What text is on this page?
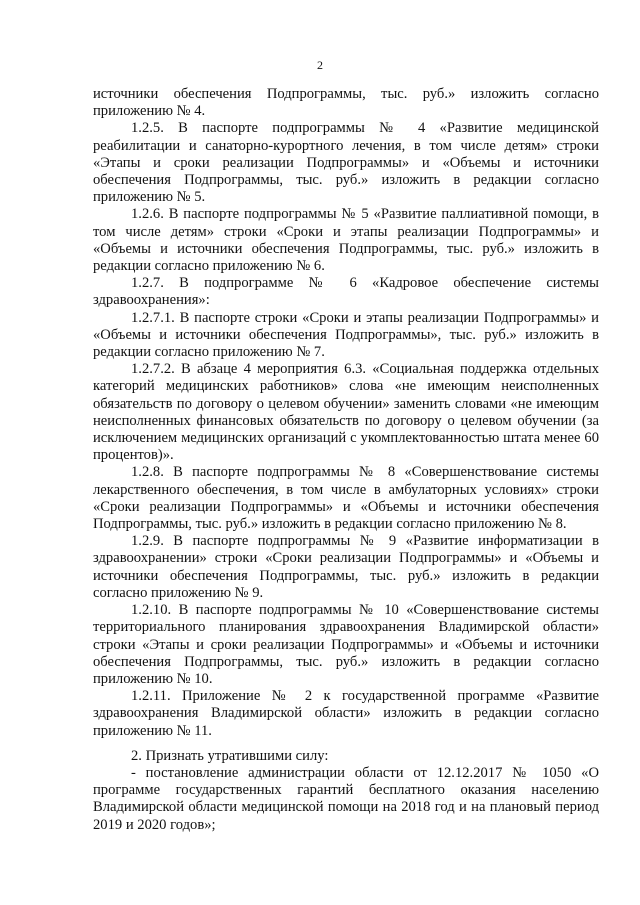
2

источники обеспечения Подпрограммы, тыс. руб.» изложить согласно приложению № 4.

1.2.5. В паспорте подпрограммы № 4 «Развитие медицинской реабилитации и санаторно-курортного лечения, в том числе детям» строки «Этапы и сроки реализации Подпрограммы» и «Объемы и источники обеспечения Подпрограммы, тыс. руб.» изложить в редакции согласно приложению № 5.

1.2.6. В паспорте подпрограммы № 5 «Развитие паллиативной помощи, в том числе детям» строки «Сроки и этапы реализации Подпрограммы» и «Объемы и источники обеспечения Подпрограммы, тыс. руб.» изложить в редакции согласно приложению № 6.

1.2.7. В подпрограмме № 6 «Кадровое обеспечение системы здравоохранения»:

1.2.7.1. В паспорте строки «Сроки и этапы реализации Подпрограммы» и «Объемы и источники обеспечения Подпрограммы», тыс. руб.» изложить в редакции согласно приложению № 7.

1.2.7.2. В абзаце 4 мероприятия 6.3. «Социальная поддержка отдельных категорий медицинских работников» слова «не имеющим неисполненных обязательств по договору о целевом обучении» заменить словами «не имеющим неисполненных финансовых обязательств по договору о целевом обучении (за исключением медицинских организаций с укомплектованностью штата менее 60 процентов)».

1.2.8. В паспорте подпрограммы № 8 «Совершенствование системы лекарственного обеспечения, в том числе в амбулаторных условиях» строки «Сроки реализации Подпрограммы» и «Объемы и источники обеспечения Подпрограммы, тыс. руб.» изложить в редакции согласно приложению № 8.

1.2.9. В паспорте подпрограммы № 9 «Развитие информатизации в здравоохранении» строки «Сроки реализации Подпрограммы» и «Объемы и источники обеспечения Подпрограммы, тыс. руб.» изложить в редакции согласно приложению № 9.

1.2.10. В паспорте подпрограммы № 10 «Совершенствование системы территориального планирования здравоохранения Владимирской области» строки «Этапы и сроки реализации Подпрограммы» и «Объемы и источники обеспечения Подпрограммы, тыс. руб.» изложить в редакции согласно приложению № 10.

1.2.11. Приложение № 2 к государственной программе «Развитие здравоохранения Владимирской области» изложить в редакции согласно приложению № 11.

2. Признать утратившими силу:

- постановление администрации области от 12.12.2017 № 1050 «О программе государственных гарантий бесплатного оказания населению Владимирской области медицинской помощи на 2018 год и на плановый период 2019 и 2020 годов»;
